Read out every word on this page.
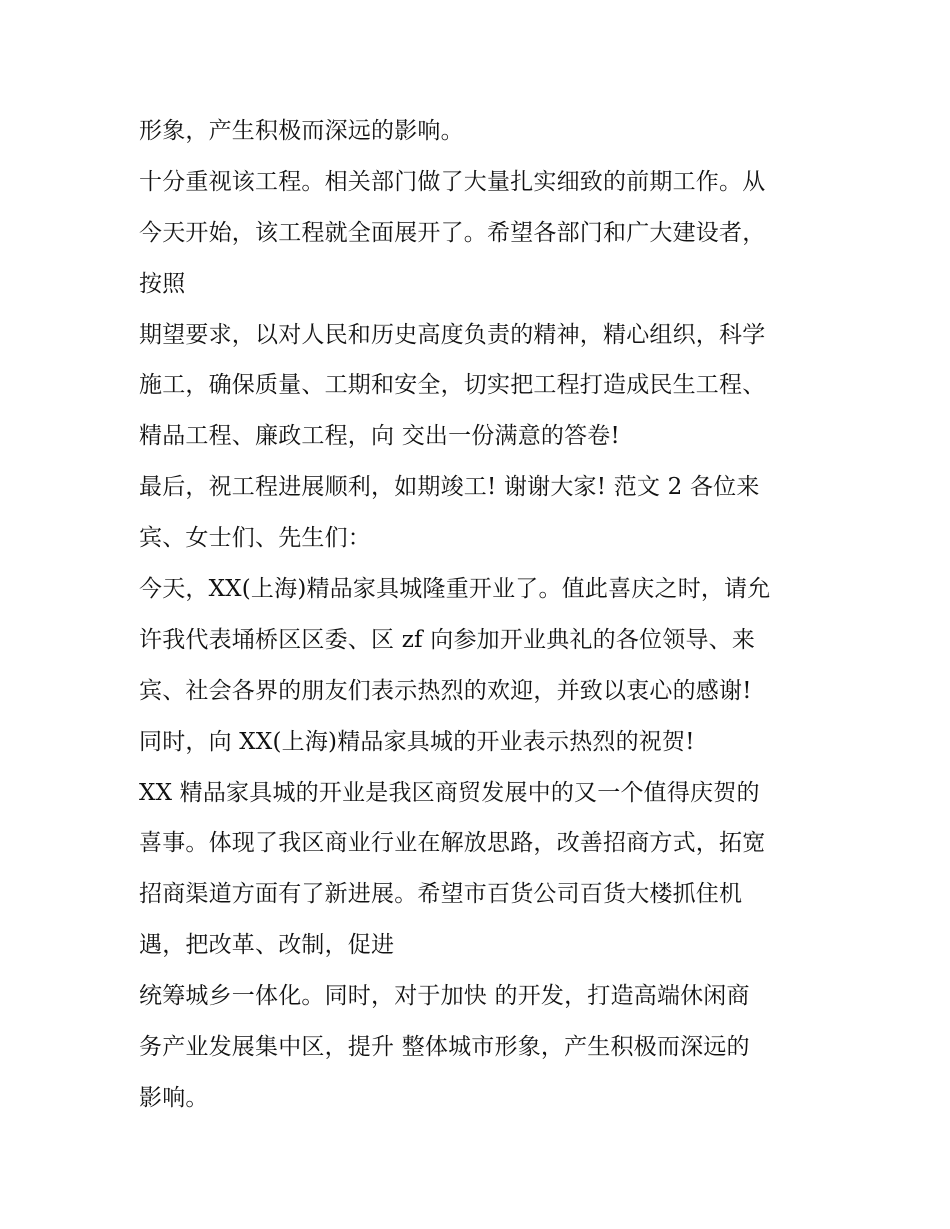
形象，产生积极而深远的影响。
十分重视该工程。相关部门做了大量扎实细致的前期工作。从
今天开始，该工程就全面展开了。希望各部门和广大建设者，
按照
期望要求，以对人民和历史高度负责的精神，精心组织，科学
施工，确保质量、工期和安全，切实把工程打造成民生工程、
精品工程、廉政工程，向 交出一份满意的答卷!
最后，祝工程进展顺利，如期竣工! 谢谢大家! 范文 2 各位来
宾、女士们、先生们：
今天，XX(上海)精品家具城隆重开业了。值此喜庆之时，请允
许我代表埇桥区区委、区 zf 向参加开业典礼的各位领导、来
宾、社会各界的朋友们表示热烈的欢迎，并致以衷心的感谢!
同时，向 XX(上海)精品家具城的开业表示热烈的祝贺!
XX 精品家具城的开业是我区商贸发展中的又一个值得庆贺的
喜事。体现了我区商业行业在解放思路，改善招商方式，拓宽
招商渠道方面有了新进展。希望市百货公司百货大楼抓住机
遇，把改革、改制，促进
统筹城乡一体化。同时，对于加快 的开发，打造高端休闲商
务产业发展集中区，提升 整体城市形象，产生积极而深远的
影响。
